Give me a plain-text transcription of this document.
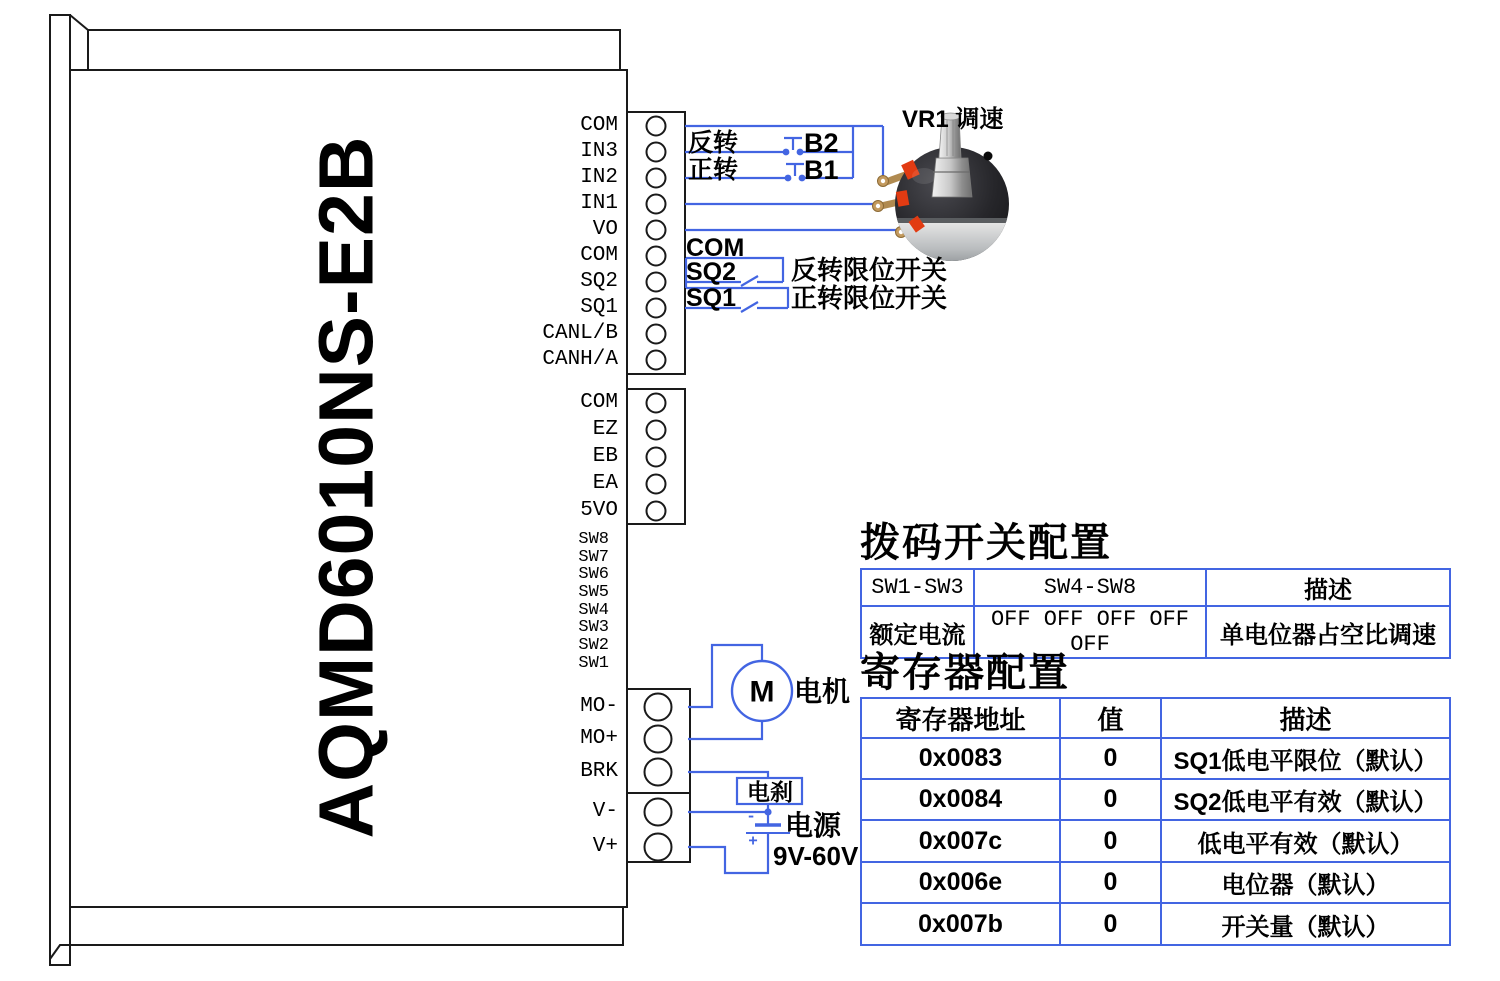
AQMD6010NS-E2B
COM
IN3
IN2
IN1
VO
COM
SQ2
SQ1
CANL/B
CANH/A
COM
EZ
EB
EA
5VO
SW8
SW7
SW6
SW5
SW4
SW3
SW2
SW1
MO-
MO+
BRK
V-
V+
反转
正转
B2
B1
VR1 调速
COM
SQ2
SQ1
反转限位开关
正转限位开关
M 电机
电刹
电源
9V-60V
-
+
拨码开关配置
SW1-SW3	SW4-SW8	描述
额定电流	OFF OFF OFF OFF OFF	单电位器占空比调速
寄存器配置
寄存器地址	值	描述
0x0083	0	SQ1低电平限位（默认）
0x0084	0	SQ2低电平有效（默认）
0x007c	0	低电平有效（默认）
0x006e	0	电位器（默认）
0x007b	0	开关量（默认）
